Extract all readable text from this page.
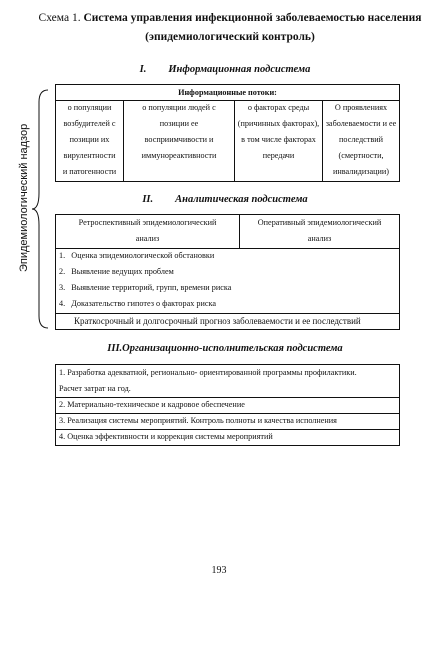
Схема 1. Система управления инфекционной заболеваемостью населения
(эпидемиологический контроль)
Эпидемиологический надзор
I. Информационная подсистема
Информационные потоки:
о популяции
возбудителей с
позиции их
вирулентности
и патогенности
о популяции людей с
позиции ее
восприимчивости и
иммунореактивности
о факторах среды
(причинных факторах),
в том числе факторах
передачи
О проявлениях
заболеваемости и ее
последствий
(смертности,
инвалидизации)
II. Аналитическая подсистема
Ретроспективный эпидемиологический
анализ
Оперативный эпидемиологический
анализ
1. Оценка эпидемиологической обстановки
2. Выявление ведущих проблем
3. Выявление территорий, групп, времени риска
4. Доказательство гипотез о факторах риска
Краткосрочный и долгосрочный прогноз заболеваемости и ее последствий
III.Организационно-исполнительская подсистема
1. Разработка адекватной, регионально- ориентированной программы профилактики.
Расчет затрат на год.
2. Материально-техническое и кадровое обеспечение
3. Реализация системы мероприятий. Контроль полноты и качества исполнения
4. Оценка эффективности и коррекция системы мероприятий
193
